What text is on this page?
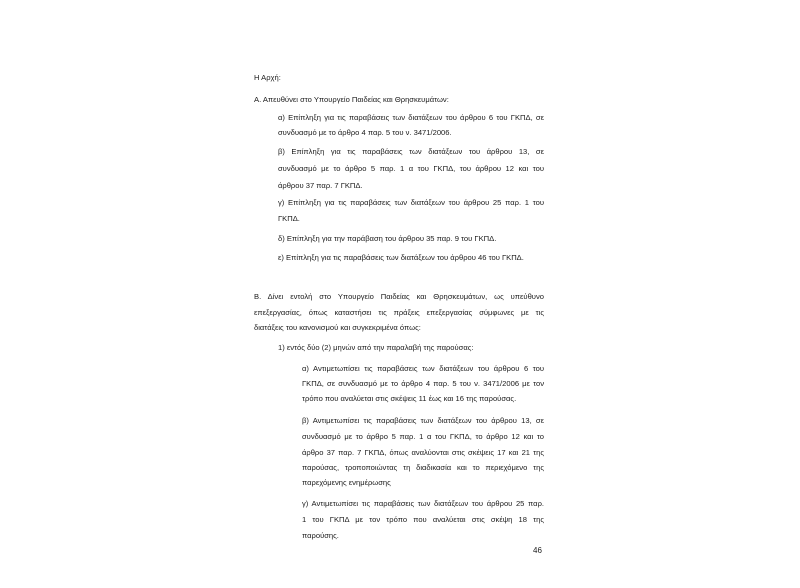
Η Αρχή:
Α. Απευθύνει στο Υπουργείο Παιδείας και Θρησκευμάτων:
α) Επίπληξη για τις παραβάσεις των διατάξεων του άρθρου 6 του ΓΚΠΔ, σε
συνδυασμό με το άρθρο 4 παρ. 5 του ν. 3471/2006.
β) Επίπληξη για τις παραβάσεις των διατάξεων του άρθρου 13, σε
συνδυασμό με το άρθρο 5 παρ. 1 α του ΓΚΠΔ, του άρθρου 12 και του
άρθρου 37 παρ. 7 ΓΚΠΔ.
γ) Επίπληξη για τις παραβάσεις των διατάξεων του άρθρου 25 παρ. 1 του
ΓΚΠΔ.
δ) Επίπληξη για την παράβαση του άρθρου 35 παρ. 9 του ΓΚΠΔ.
ε) Επίπληξη για τις παραβάσεις των διατάξεων του άρθρου 46 του ΓΚΠΔ.
Β. Δίνει εντολή στο Υπουργείο Παιδείας και Θρησκευμάτων, ως υπεύθυνο
επεξεργασίας, όπως καταστήσει τις πράξεις επεξεργασίας σύμφωνες με τις
διατάξεις του κανονισμού και συγκεκριμένα όπως:
1) εντός δύο (2) μηνών από την παραλαβή της παρούσας:
α) Αντιμετωπίσει τις παραβάσεις των διατάξεων του άρθρου 6 του
ΓΚΠΔ, σε συνδυασμό με το άρθρο 4 παρ. 5 του ν. 3471/2006 με τον
τρόπο που αναλύεται στις σκέψεις 11 έως και 16 της παρούσας.
β) Αντιμετωπίσει τις παραβάσεις των διατάξεων του άρθρου 13, σε
συνδυασμό με το άρθρο 5 παρ. 1 α του ΓΚΠΔ, το άρθρο 12 και το
άρθρο 37 παρ. 7 ΓΚΠΔ, όπως αναλύονται στις σκέψεις 17 και 21 της
παρούσας, τροποποιώντας τη διαδικασία και το περιεχόμενο της
παρεχόμενης ενημέρωσης
γ) Αντιμετωπίσει τις παραβάσεις των διατάξεων του άρθρου 25 παρ.
1 του ΓΚΠΔ με τον τρόπο που αναλύεται στις σκέψη 18 της
παρούσης.
46
